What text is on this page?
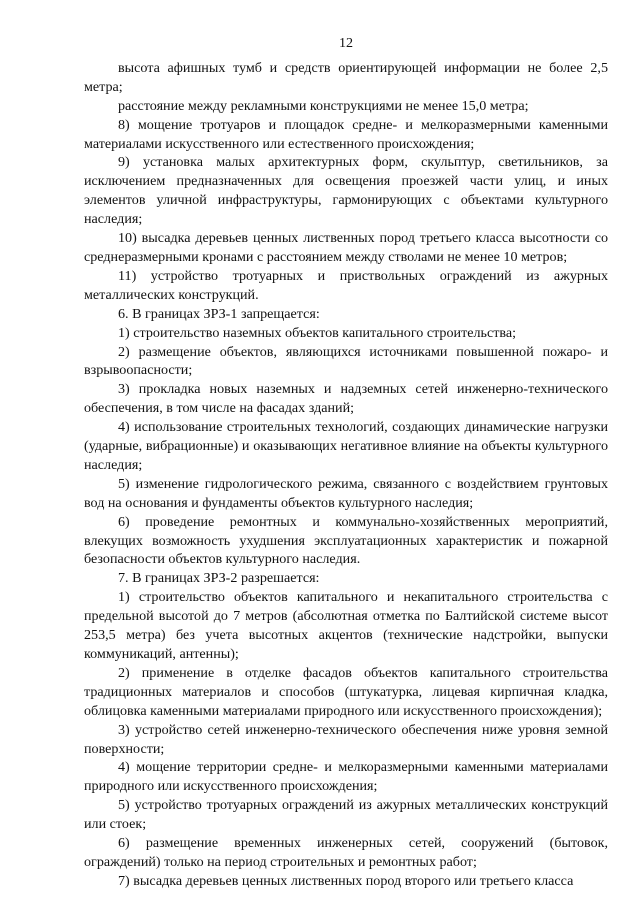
12

высота афишных тумб и средств ориентирующей информации не более 2,5 метра;

расстояние между рекламными конструкциями не менее 15,0 метра;

8) мощение тротуаров и площадок средне- и мелкоразмерными каменными материалами искусственного или естественного происхождения;

9) установка малых архитектурных форм, скульптур, светильников, за исключением предназначенных для освещения проезжей части улиц, и иных элементов уличной инфраструктуры, гармонирующих с объектами культурного наследия;

10) высадка деревьев ценных лиственных пород третьего класса высотности со среднеразмерными кронами с расстоянием между стволами не менее 10 метров;

11) устройство тротуарных и приствольных ограждений из ажурных металлических конструкций.

6. В границах ЗРЗ-1 запрещается:

1) строительство наземных объектов капитального строительства;

2) размещение объектов, являющихся источниками повышенной пожаро- и взрывоопасности;

3) прокладка новых наземных и надземных сетей инженерно-технического обеспечения, в том числе на фасадах зданий;

4) использование строительных технологий, создающих динамические нагрузки (ударные, вибрационные) и оказывающих негативное влияние на объекты культурного наследия;

5) изменение гидрологического режима, связанного с воздействием грунтовых вод на основания и фундаменты объектов культурного наследия;

6) проведение ремонтных и коммунально-хозяйственных мероприятий, влекущих возможность ухудшения эксплуатационных характеристик и пожарной безопасности объектов культурного наследия.

7. В границах ЗРЗ-2 разрешается:

1) строительство объектов капитального и некапитального строительства с предельной высотой до 7 метров (абсолютная отметка по Балтийской системе высот 253,5 метра) без учета высотных акцентов (технические надстройки, выпуски коммуникаций, антенны);

2) применение в отделке фасадов объектов капитального строительства традиционных материалов и способов (штукатурка, лицевая кирпичная кладка, облицовка каменными материалами природного или искусственного происхождения);

3) устройство сетей инженерно-технического обеспечения ниже уровня земной поверхности;

4) мощение территории средне- и мелкоразмерными каменными материалами природного или искусственного происхождения;

5) устройство тротуарных ограждений из ажурных металлических конструкций или стоек;

6) размещение временных инженерных сетей, сооружений (бытовок, ограждений) только на период строительных и ремонтных работ;

7) высадка деревьев ценных лиственных пород второго или третьего класса
